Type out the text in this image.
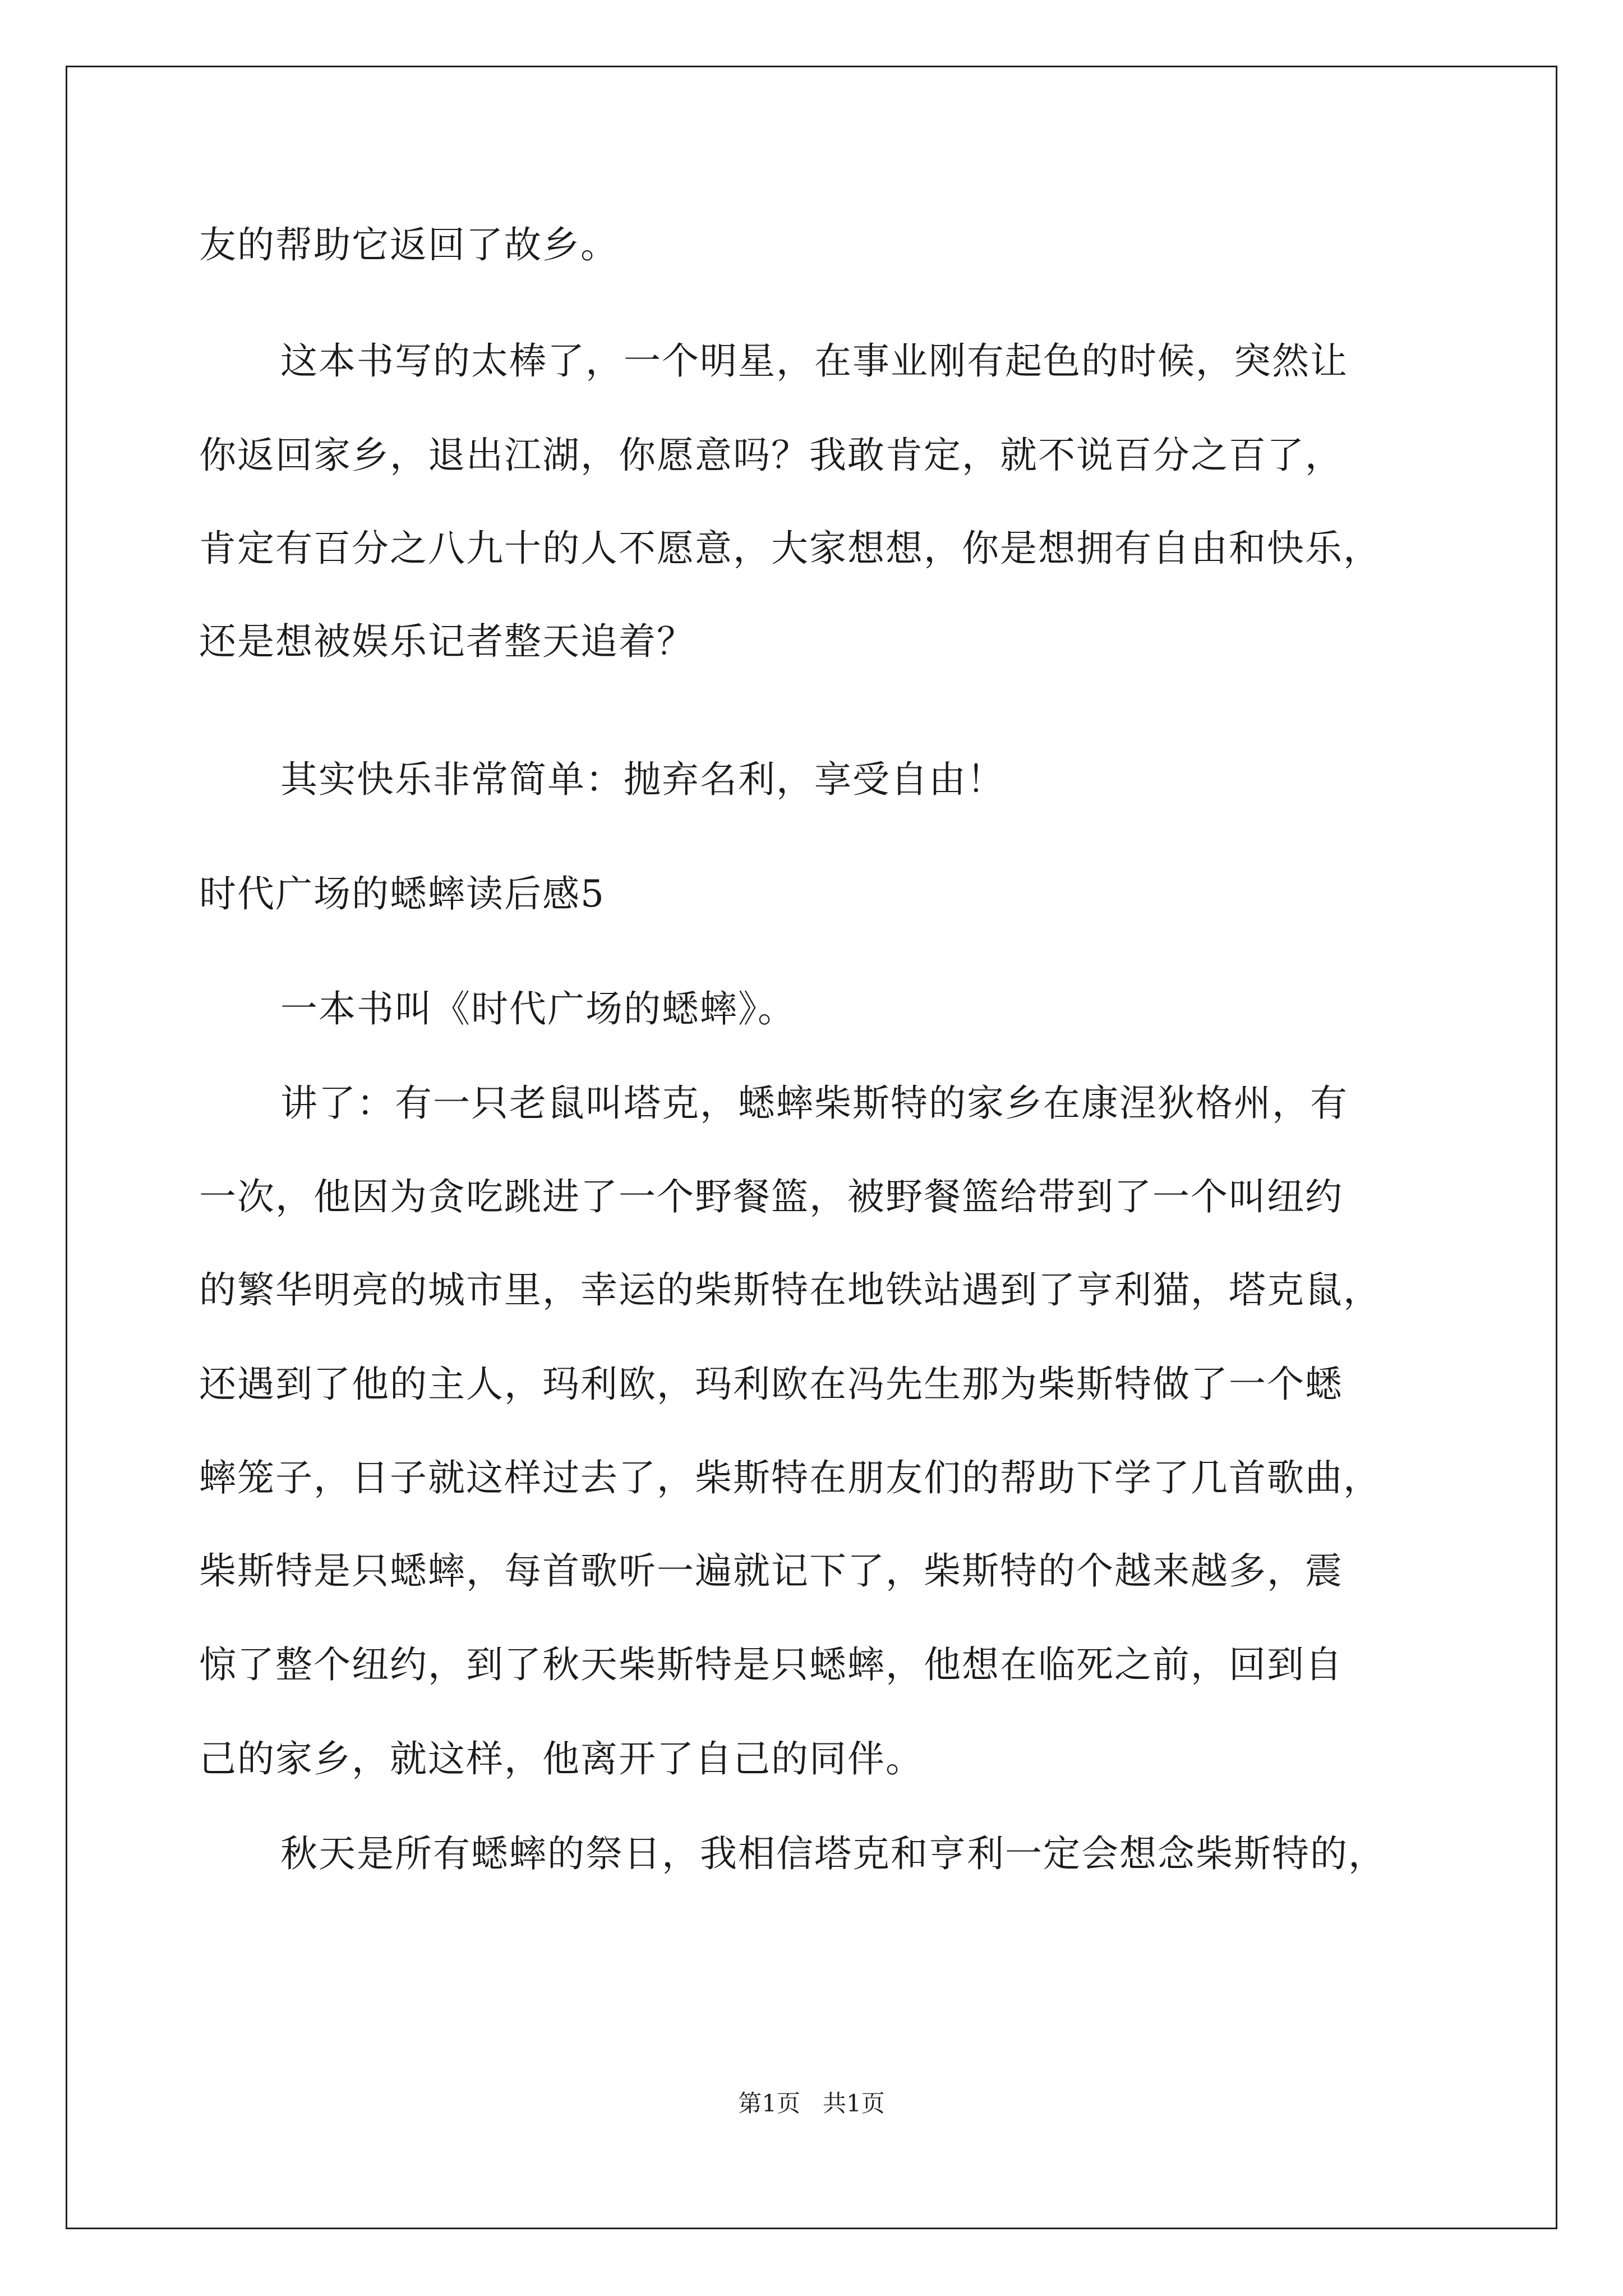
友的帮助它返回了故乡。
这本书写的太棒了，一个明星，在事业刚有起色的时候，突然让
你返回家乡，退出江湖，你愿意吗？我敢肯定，就不说百分之百了，
肯定有百分之八九十的人不愿意，大家想想，你是想拥有自由和快乐，
还是想被娱乐记者整天追着？
其实快乐非常简单：抛弃名利，享受自由！
时代广场的蟋蟀读后感5
一本书叫《时代广场的蟋蟀》。
讲了：有一只老鼠叫塔克，蟋蟀柴斯特的家乡在康涅狄格州，有
一次，他因为贪吃跳进了一个野餐篮，被野餐篮给带到了一个叫纽约
的繁华明亮的城市里，幸运的柴斯特在地铁站遇到了亨利猫，塔克鼠，
还遇到了他的主人，玛利欧，玛利欧在冯先生那为柴斯特做了一个蟋
蟀笼子，日子就这样过去了，柴斯特在朋友们的帮助下学了几首歌曲，
柴斯特是只蟋蟀，每首歌听一遍就记下了，柴斯特的个越来越多，震
惊了整个纽约，到了秋天柴斯特是只蟋蟀，他想在临死之前，回到自
己的家乡，就这样，他离开了自己的同伴。
秋天是所有蟋蟀的祭日，我相信塔克和亨利一定会想念柴斯特的，
第1页   共1页
